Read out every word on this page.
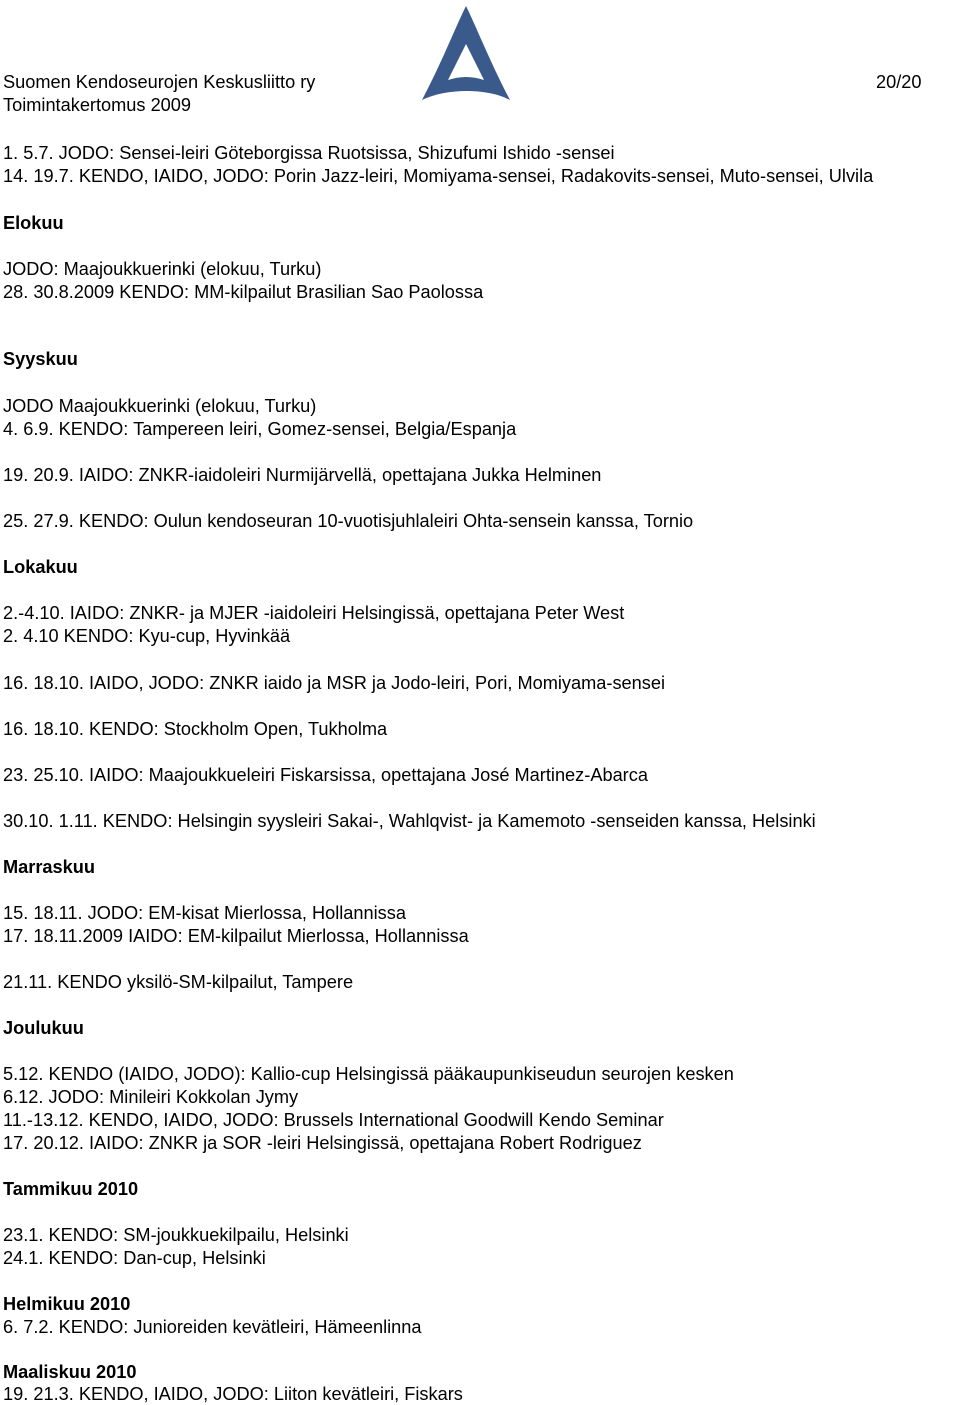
Suomen Kendoseurojen Keskusliitto ry
Toimintakertomus 2009
20/20
1. 5.7. JODO: Sensei-leiri Göteborgissa Ruotsissa, Shizufumi Ishido -sensei
14. 19.7. KENDO, IAIDO, JODO: Porin Jazz-leiri, Momiyama-sensei, Radakovits-sensei, Muto-sensei, Ulvila
Elokuu
JODO: Maajoukkuerinki (elokuu, Turku)
28. 30.8.2009 KENDO: MM-kilpailut Brasilian Sao Paolossa
Syyskuu
JODO Maajoukkuerinki (elokuu, Turku)
4. 6.9. KENDO: Tampereen leiri, Gomez-sensei, Belgia/Espanja
19. 20.9. IAIDO: ZNKR-iaidoleiri Nurmijärvellä, opettajana Jukka Helminen
25. 27.9. KENDO: Oulun kendoseuran 10-vuotisjuhlaleiri Ohta-sensein kanssa, Tornio
Lokakuu
2.-4.10. IAIDO: ZNKR- ja MJER -iaidoleiri Helsingissä, opettajana Peter West
2. 4.10 KENDO: Kyu-cup, Hyvinkää
16. 18.10. IAIDO, JODO: ZNKR iaido ja MSR ja Jodo-leiri, Pori, Momiyama-sensei
16. 18.10. KENDO: Stockholm Open, Tukholma
23. 25.10. IAIDO: Maajoukkueleiri Fiskarsissa, opettajana José Martinez-Abarca
30.10. 1.11. KENDO: Helsingin syysleiri Sakai-, Wahlqvist- ja Kamemoto -senseiden kanssa, Helsinki
Marraskuu
15. 18.11. JODO: EM-kisat Mierlossa, Hollannissa
17. 18.11.2009 IAIDO: EM-kilpailut Mierlossa, Hollannissa
21.11. KENDO yksilö-SM-kilpailut, Tampere
Joulukuu
5.12. KENDO (IAIDO, JODO): Kallio-cup Helsingissä pääkaupunkiseudun seurojen kesken
6.12. JODO: Minileiri Kokkolan Jymy
11.-13.12. KENDO, IAIDO, JODO: Brussels International Goodwill Kendo Seminar
17. 20.12. IAIDO: ZNKR ja SOR -leiri Helsingissä, opettajana Robert Rodriguez
Tammikuu 2010
23.1. KENDO: SM-joukkuekilpailu, Helsinki
24.1. KENDO: Dan-cup, Helsinki
Helmikuu 2010
6. 7.2. KENDO: Junioreiden kevätleiri, Hämeenlinna
Maaliskuu 2010
19. 21.3. KENDO, IAIDO, JODO: Liiton kevätleiri, Fiskars
